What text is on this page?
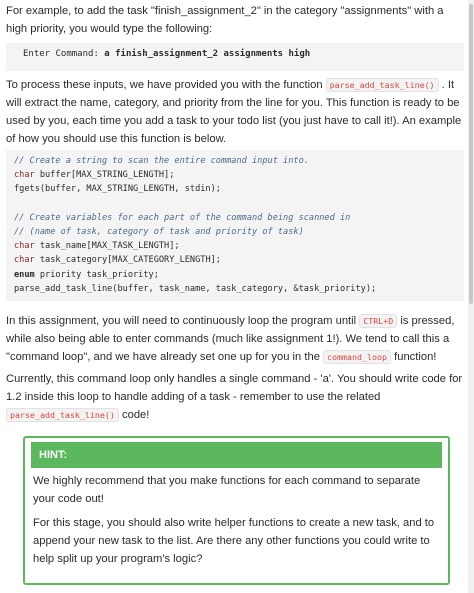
For example, to add the task "finish_assignment_2" in the category "assignments" with a high priority, you would type the following:

Enter Command: a finish_assignment_2 assignments high

To process these inputs, we have provided you with the function parse_add_task_line() . It will extract the name, category, and priority from the line for you. This function is ready to be used by you, each time you add a task to your todo list (you just have to call it!). An example of how you should use this function is below.

// Create a string to scan the entire command input into.
char buffer[MAX_STRING_LENGTH];
fgets(buffer, MAX_STRING_LENGTH, stdin);

// Create variables for each part of the command being scanned in
// (name of task, category of task and priority of task)
char task_name[MAX_TASK_LENGTH];
char task_category[MAX_CATEGORY_LENGTH];
enum priority task_priority;
parse_add_task_line(buffer, task_name, task_category, &task_priority);

In this assignment, you will need to continuously loop the program until CTRL+D is pressed, while also being able to enter commands (much like assignment 1!). We tend to call this a "command loop", and we have already set one up for you in the command_loop function!

Currently, this command loop only handles a single command - 'a'. You should write code for 1.2 inside this loop to handle adding of a task - remember to use the related parse_add_task_line() code!

HINT:

We highly recommend that you make functions for each command to separate your code out!

For this stage, you should also write helper functions to create a new task, and to append your new task to the list. Are there any other functions you could write to help split up your program's logic?
